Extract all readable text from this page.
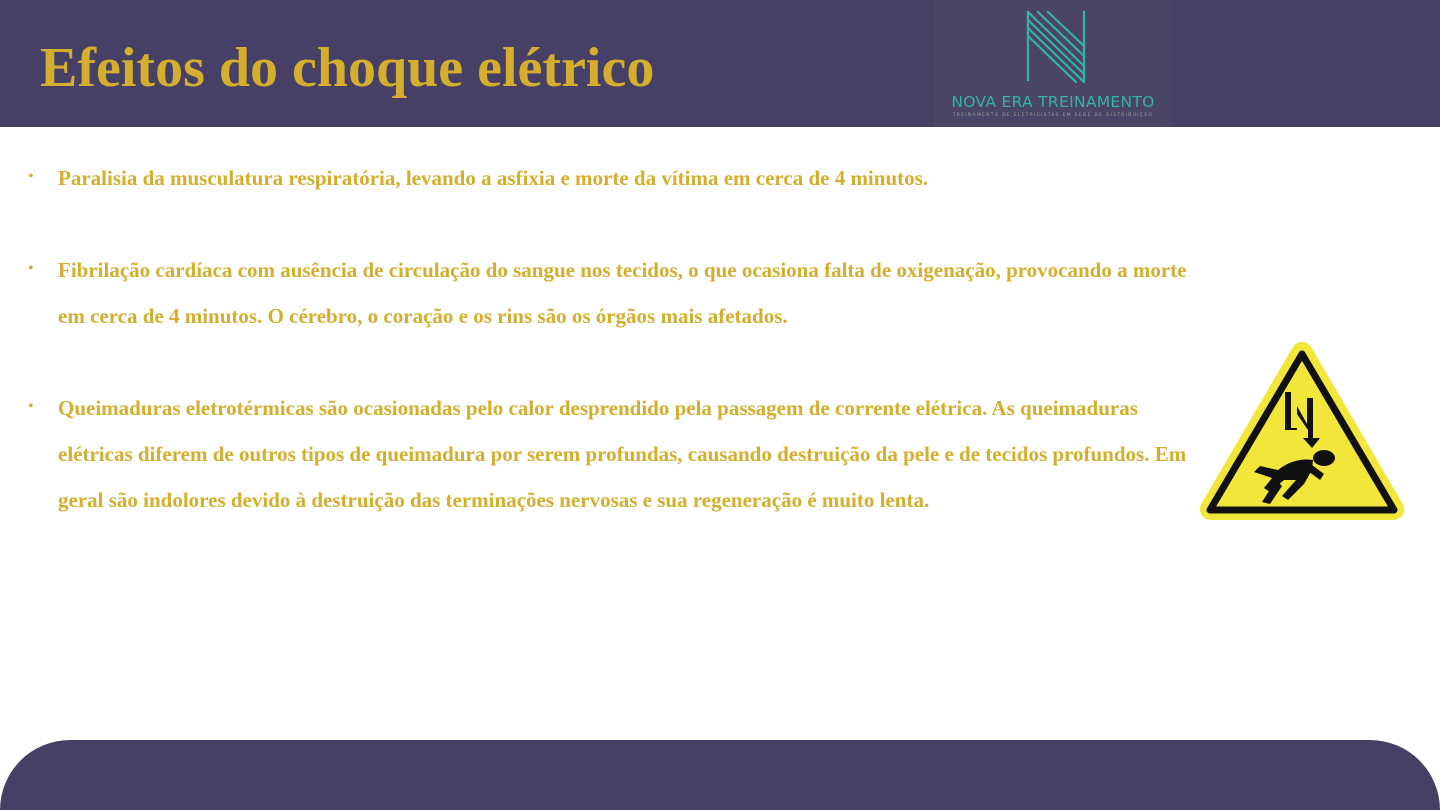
Efeitos do choque elétrico
NOVA ERA TREINAMENTO
TREINAMENTO DE ELETRICISTAS EM REDE DE DISTRIBUIÇÃO
• Paralisia da musculatura respiratória, levando a asfixia e morte da vítima em cerca de 4 minutos.
• Fibrilação cardíaca com ausência de circulação do sangue nos tecidos, o que ocasiona falta de oxigenação, provocando a morte em cerca de 4 minutos. O cérebro, o coração e os rins são os órgãos mais afetados.
• Queimaduras eletrotérmicas são ocasionadas pelo calor desprendido pela passagem de corrente elétrica. As queimaduras elétricas diferem de outros tipos de queimadura por serem profundas, causando destruição da pele e de tecidos profundos. Em geral são indolores devido à destruição das terminações nervosas e sua regeneração é muito lenta.
